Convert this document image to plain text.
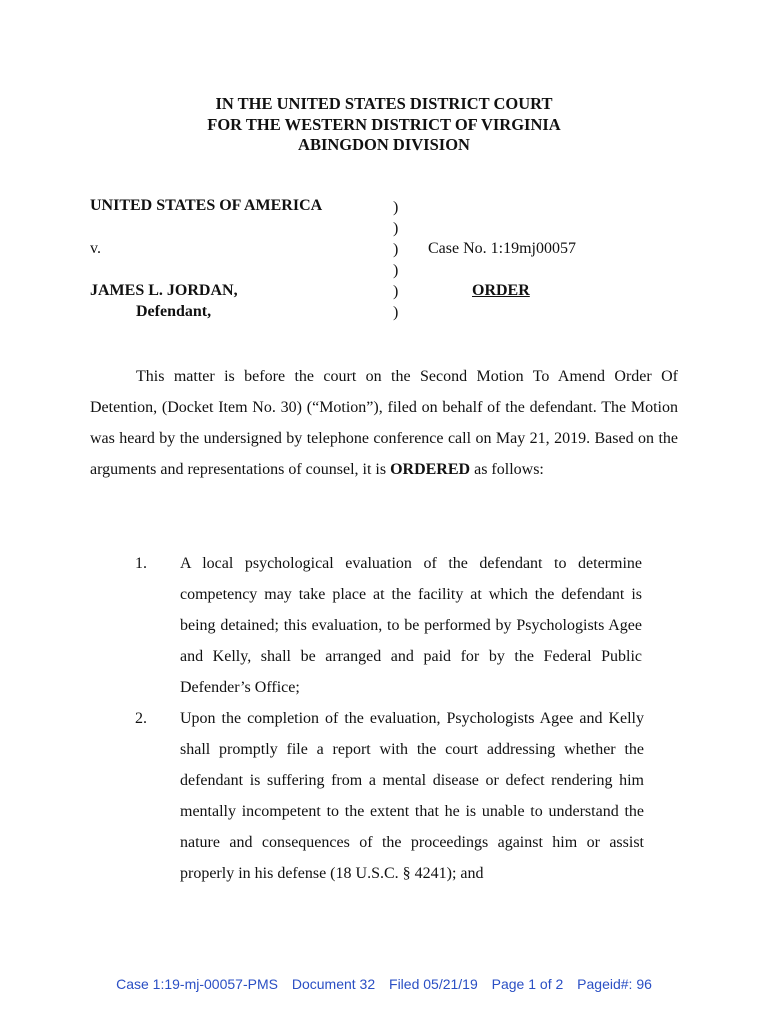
IN THE UNITED STATES DISTRICT COURT
FOR THE WESTERN DISTRICT OF VIRGINIA
ABINGDON DIVISION
UNITED STATES OF AMERICA
v.
JAMES L. JORDAN,
Defendant,
)
)
)
)
)
)
Case No. 1:19mj00057
ORDER

This matter is before the court on the Second Motion To Amend Order Of Detention, (Docket Item No. 30) (“Motion”), filed on behalf of the defendant. The Motion was heard by the undersigned by telephone conference call on May 21, 2019. Based on the arguments and representations of counsel, it is ORDERED as follows:

1. A local psychological evaluation of the defendant to determine competency may take place at the facility at which the defendant is being detained; this evaluation, to be performed by Psychologists Agee and Kelly, shall be arranged and paid for by the Federal Public Defender’s Office;
2. Upon the completion of the evaluation, Psychologists Agee and Kelly shall promptly file a report with the court addressing whether the defendant is suffering from a mental disease or defect rendering him mentally incompetent to the extent that he is unable to understand the nature and consequences of the proceedings against him or assist properly in his defense (18 U.S.C. § 4241); and
Case 1:19-mj-00057-PMS Document 32 Filed 05/21/19 Page 1 of 2 Pageid#: 96
